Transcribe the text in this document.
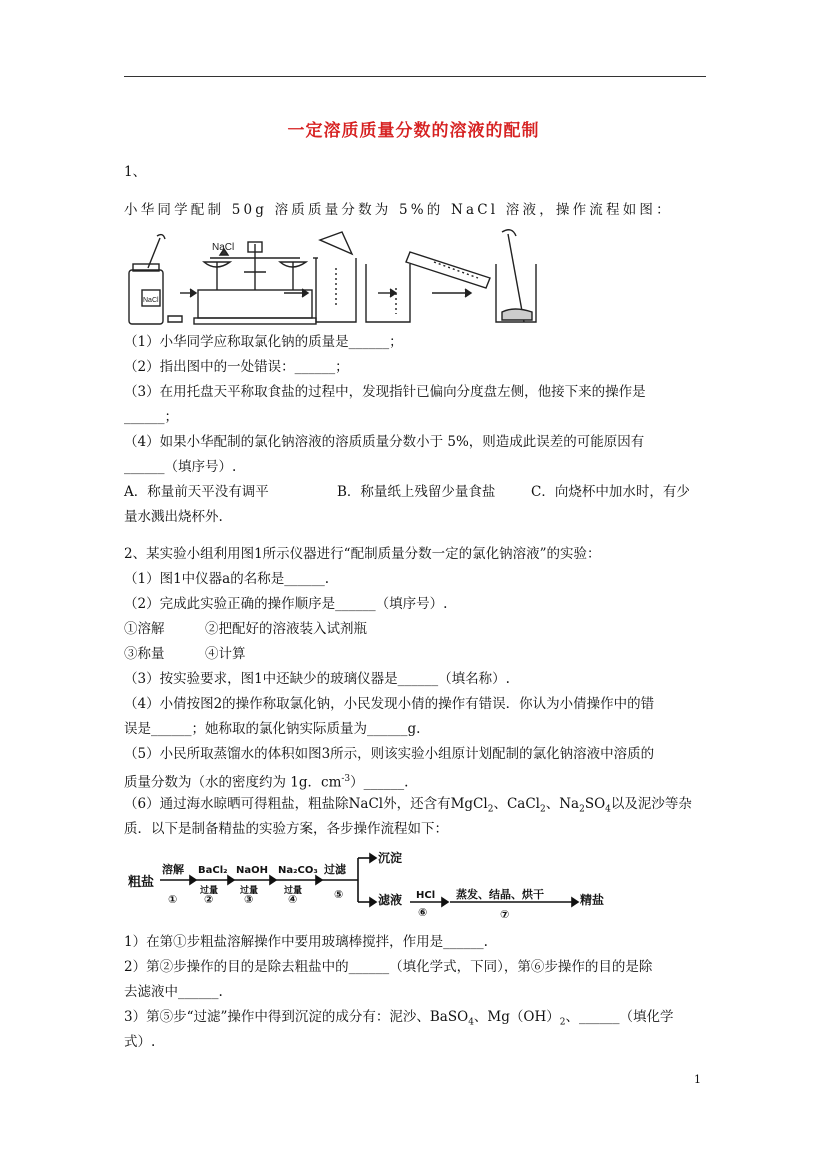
一定溶质质量分数的溶液的配制
1、
小华同学配制 50g 溶质质量分数为 5%的 NaCl 溶液，操作流程如图：
NaCl
NaCl
（1）小华同学应称取氯化钠的质量是______；
（2）指出图中的一处错误：______；
（3）在用托盘天平称取食盐的过程中，发现指针已偏向分度盘左侧，他接下来的操作是
______；
（4）如果小华配制的氯化钠溶液的溶质质量分数小于 5%，则造成此误差的可能原因有
______（填序号）.
A．称量前天平没有调平	B．称量纸上残留少量食盐	C．向烧杯中加水时，有少
量水溅出烧杯外.
2、某实验小组利用图1所示仪器进行“配制质量分数一定的氯化钠溶液”的实验：
（1）图1中仪器a的名称是______.
（2）完成此实验正确的操作顺序是______（填序号）.
①溶解	②把配好的溶液装入试剂瓶
③称量	④计算
（3）按实验要求，图1中还缺少的玻璃仪器是______（填名称）.
（4）小倩按图2的操作称取氯化钠，小民发现小倩的操作有错误．你认为小倩操作中的错
误是______；她称取的氯化钠实际质量为______g.
（5）小民所取蒸馏水的体积如图3所示，则该实验小组原计划配制的氯化钠溶液中溶质的
质量分数为（水的密度约为 1g．$cm^{-3})\_\_\_\_\_\_$.
（6）通过海水晾晒可得粗盐，粗盐除NaCl外，还含有MgCl$_2$、CaCl$_2$、$Na_2SO_4$以及泥沙等杂
质．以下是制备精盐的实验方案，各步操作流程如下：
粗盐
溶解 BaCl₂ NaOH Na₂CO₃ 过滤
过量 过量	过量
① ②	③	④	⑤
沉淀
滤液 HCl
⑥
蒸发、结晶、烘干
⑦
精盐
1）在第①步粗盐溶解操作中要用玻璃棒搅拌，作用是______.
2）第②步操作的目的是除去粗盐中的______（填化学式，下同），第⑥步操作的目的是除
去滤液中______.
3）第⑤步“过滤”操作中得到沉淀的成分有：泥沙、BaSO$_4$、$Mg(OH)_2$、______（填化学
式）.
1
